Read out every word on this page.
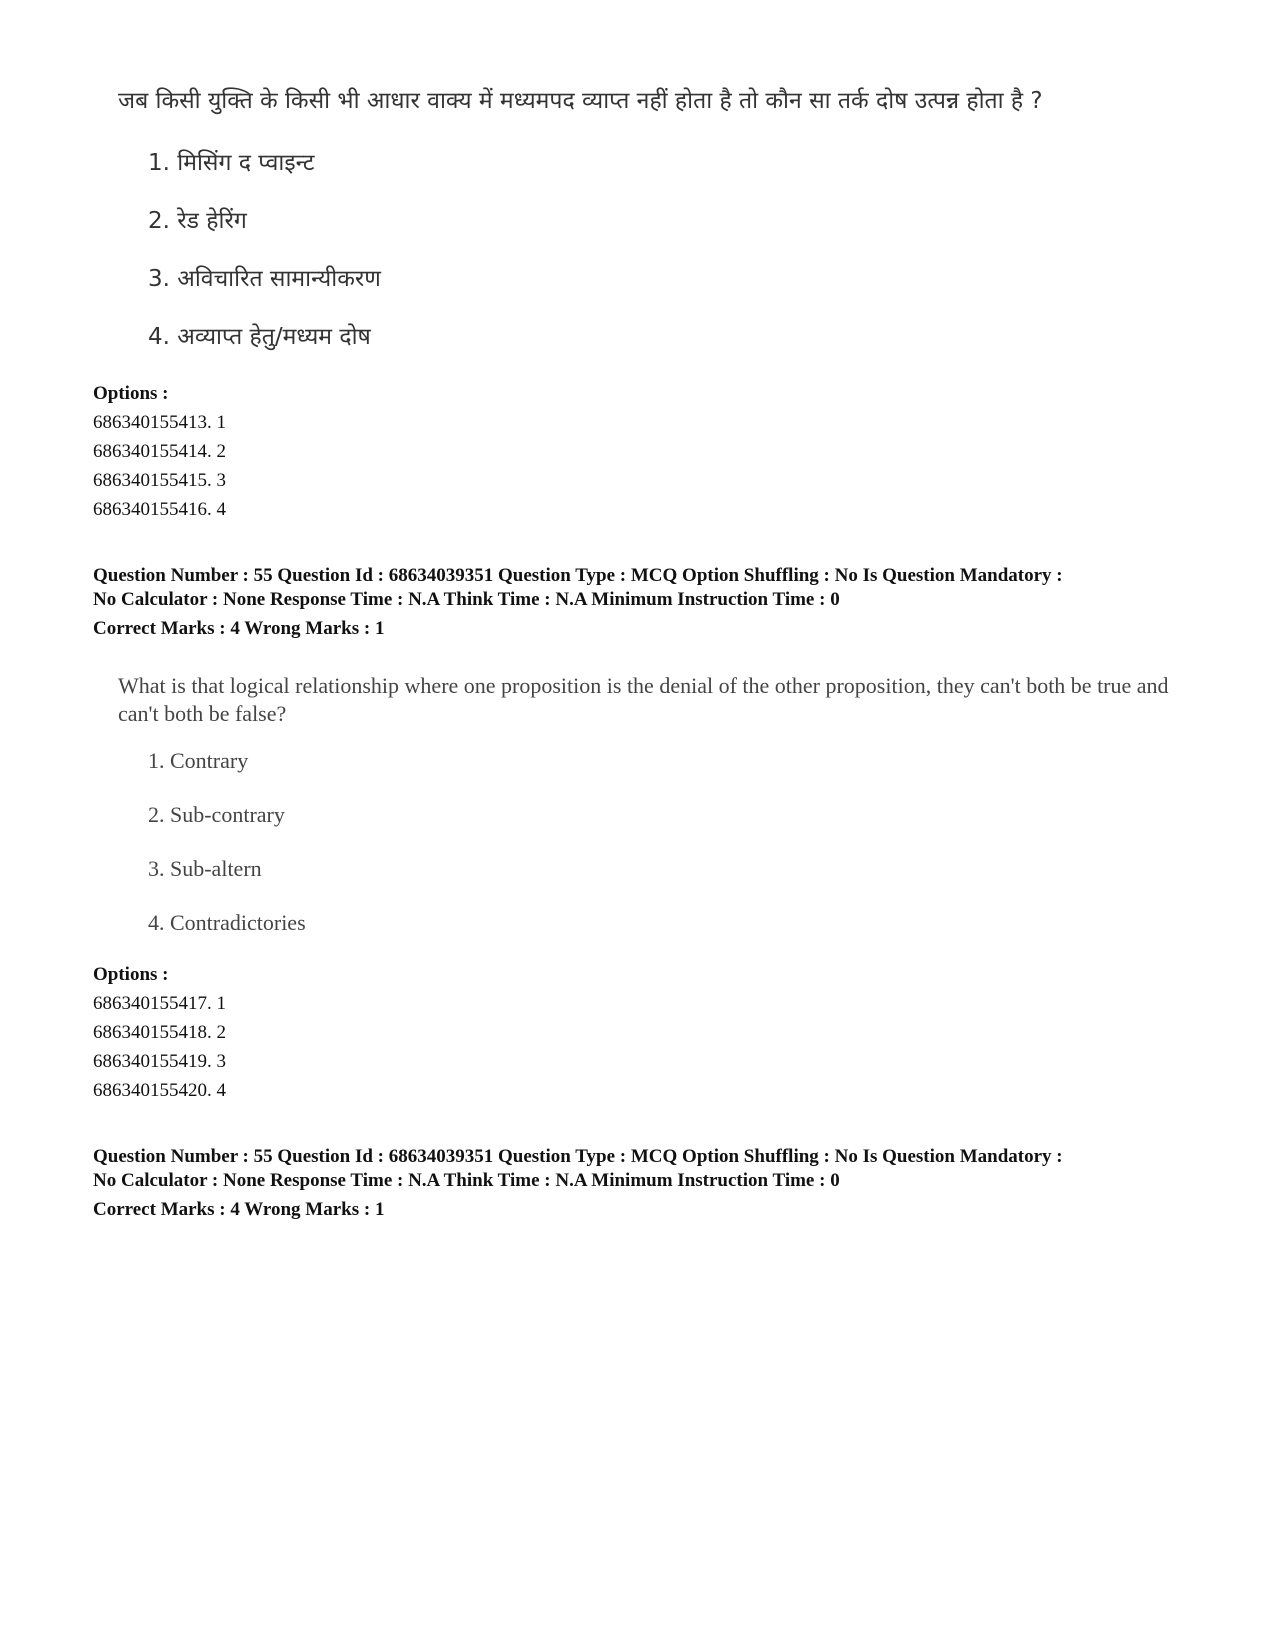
जब किसी युक्ति के किसी भी आधार वाक्य में मध्यमपद व्याप्त नहीं होता है तो कौन सा तर्क दोष उत्पन्न होता है ?
1. मिसिंग द प्वाइन्ट
2. रेड हेरिंग
3. अविचारित सामान्यीकरण
4. अव्याप्त हेतु/मध्यम दोष
Options :
686340155413. 1
686340155414. 2
686340155415. 3
686340155416. 4
Question Number : 55 Question Id : 68634039351 Question Type : MCQ Option Shuffling : No Is Question Mandatory :
No Calculator : None Response Time : N.A Think Time : N.A Minimum Instruction Time : 0
Correct Marks : 4 Wrong Marks : 1
What is that logical relationship where one proposition is the denial of the other proposition, they can't both be true and can't both be false?
1. Contrary
2. Sub-contrary
3. Sub-altern
4. Contradictories
Options :
686340155417. 1
686340155418. 2
686340155419. 3
686340155420. 4
Question Number : 55 Question Id : 68634039351 Question Type : MCQ Option Shuffling : No Is Question Mandatory :
No Calculator : None Response Time : N.A Think Time : N.A Minimum Instruction Time : 0
Correct Marks : 4 Wrong Marks : 1
